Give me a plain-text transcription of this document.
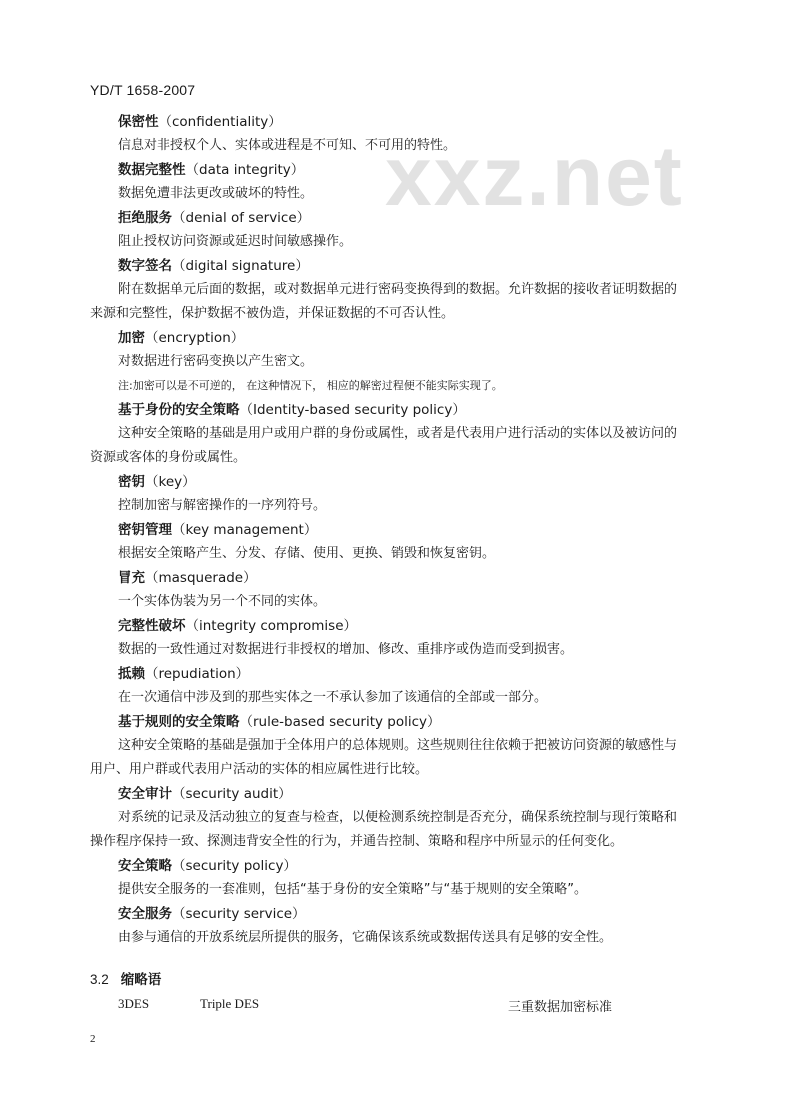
xxz.net
YD/T 1658-2007
保密性（confidentiality）
信息对非授权个人、实体或进程是不可知、不可用的特性。
数据完整性（data integrity）
数据免遭非法更改或破坏的特性。
拒绝服务（denial of service）
阻止授权访问资源或延迟时间敏感操作。
数字签名（digital signature）
附在数据单元后面的数据，或对数据单元进行密码变换得到的数据。允许数据的接收者证明数据的
来源和完整性，保护数据不被伪造，并保证数据的不可否认性。
加密（encryption）
对数据进行密码变换以产生密文。
注:加密可以是不可逆的， 在这种情况下， 相应的解密过程便不能实际实现了。
基于身份的安全策略（Identity-based security policy）
这种安全策略的基础是用户或用户群的身份或属性，或者是代表用户进行活动的实体以及被访问的
资源或客体的身份或属性。
密钥（key）
控制加密与解密操作的一序列符号。
密钥管理（key management）
根据安全策略产生、分发、存储、使用、更换、销毁和恢复密钥。
冒充（masquerade）
一个实体伪装为另一个不同的实体。
完整性破坏（integrity compromise）
数据的一致性通过对数据进行非授权的增加、修改、重排序或伪造而受到损害。
抵赖（repudiation）
在一次通信中涉及到的那些实体之一不承认参加了该通信的全部或一部分。
基于规则的安全策略（rule-based security policy）
这种安全策略的基础是强加于全体用户的总体规则。这些规则往往依赖于把被访问资源的敏感性与
用户、用户群或代表用户活动的实体的相应属性进行比较。
安全审计（security audit）
对系统的记录及活动独立的复查与检查，以便检测系统控制是否充分，确保系统控制与现行策略和
操作程序保持一致、探测违背安全性的行为，并通告控制、策略和程序中所显示的任何变化。
安全策略（security policy）
提供安全服务的一套准则，包括“基于身份的安全策略”与“基于规则的安全策略”。
安全服务（security service）
由参与通信的开放系统层所提供的服务，它确保该系统或数据传送具有足够的安全性。
3.2 缩略语
3DES	Triple DES	三重数据加密标准
2
